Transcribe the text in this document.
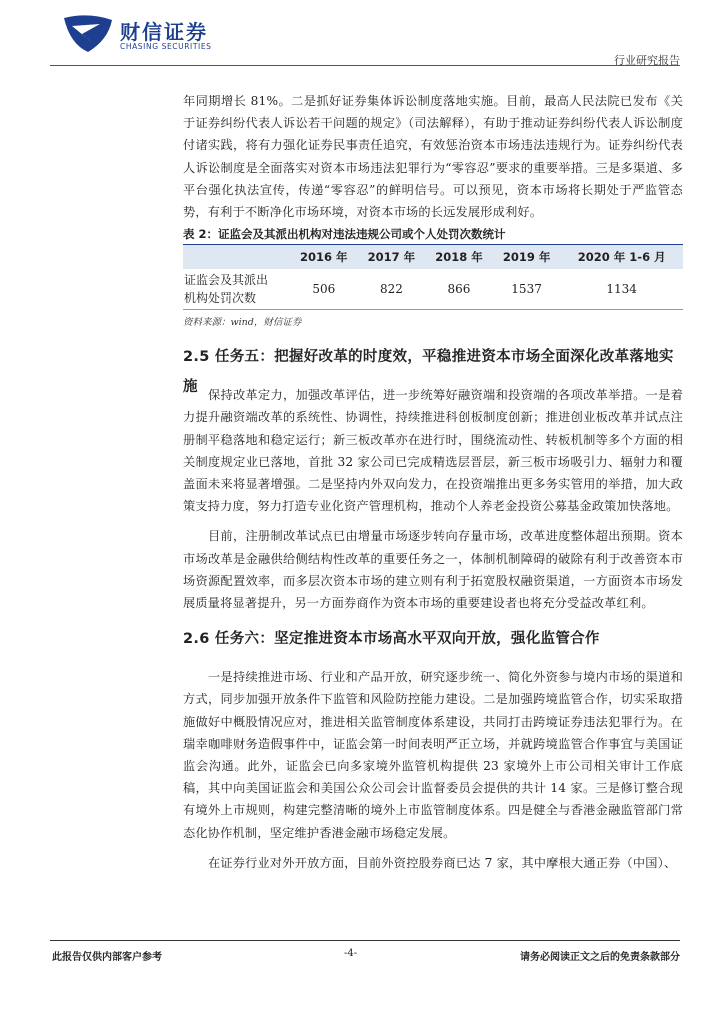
财信证券
CHASING SECURITIES
行业研究报告

年同期增长 81%。二是抓好证券集体诉讼制度落地实施。目前，最高人民法院已发布《关于证券纠纷代表人诉讼若干问题的规定》（司法解释），有助于推动证券纠纷代表人诉讼制度付诸实践，将有力强化证券民事责任追究，有效惩治资本市场违法违规行为。证券纠纷代表人诉讼制度是全面落实对资本市场违法犯罪行为“零容忍”要求的重要举措。三是多渠道、多平台强化执法宣传，传递“零容忍”的鲜明信号。可以预见，资本市场将长期处于严监管态势，有利于不断净化市场环境，对资本市场的长远发展形成利好。

表 2：证监会及其派出机构对违法违规公司或个人处罚次数统计
	2016 年	2017 年	2018 年	2019 年	2020 年 1-6 月
证监会及其派出
机构处罚次数	506	822	866	1537	1134
资料来源：wind，财信证券
2.5 任务五：把握好改革的时度效，平稳推进资本市场全面深化改革落地实施 保持改革定力，加强改革评估，进一步统筹好融资端和投资端的各项改革举措。一是着力提升融资端改革的系统性、协调性，持续推进科创板制度创新；推进创业板改革并试点注册制平稳落地和稳定运行；新三板改革亦在进行时，围绕流动性、转板机制等多个方面的相关制度规定业已落地，首批 32 家公司已完成精选层晋层，新三板市场吸引力、辐射力和覆盖面未来将显著增强。二是坚持内外双向发力，在投资端推出更多务实管用的举措，加大政策支持力度，努力打造专业化资产管理机构，推动个人养老金投资公募基金政策加快落地。

目前，注册制改革试点已由增量市场逐步转向存量市场，改革进度整体超出预期。资本市场改革是金融供给侧结构性改革的重要任务之一，体制机制障碍的破除有利于改善资本市场资源配置效率，而多层次资本市场的建立则有利于拓宽股权融资渠道，一方面资本市场发展质量将显著提升，另一方面券商作为资本市场的重要建设者也将充分受益改革红利。

2.6 任务六：坚定推进资本市场高水平双向开放，强化监管合作

一是持续推进市场、行业和产品开放，研究逐步统一、简化外资参与境内市场的渠道和方式，同步加强开放条件下监管和风险防控能力建设。二是加强跨境监管合作，切实采取措施做好中概股情况应对，推进相关监管制度体系建设，共同打击跨境证券违法犯罪行为。在瑞幸咖啡财务造假事件中，证监会第一时间表明严正立场，并就跨境监管合作事宜与美国证监会沟通。此外，证监会已向多家境外监管机构提供 23 家境外上市公司相关审计工作底稿，其中向美国证监会和美国公众公司会计监督委员会提供的共计 14 家。三是修订整合现有境外上市规则，构建完整清晰的境外上市监管制度体系。四是健全与香港金融监管部门常态化协作机制，坚定维护香港金融市场稳定发展。

在证券行业对外开放方面，目前外资控股券商已达 7 家，其中摩根大通正券（中国）、

此报告仅供内部客户参考	-4-	请务必阅读正文之后的免责条款部分
